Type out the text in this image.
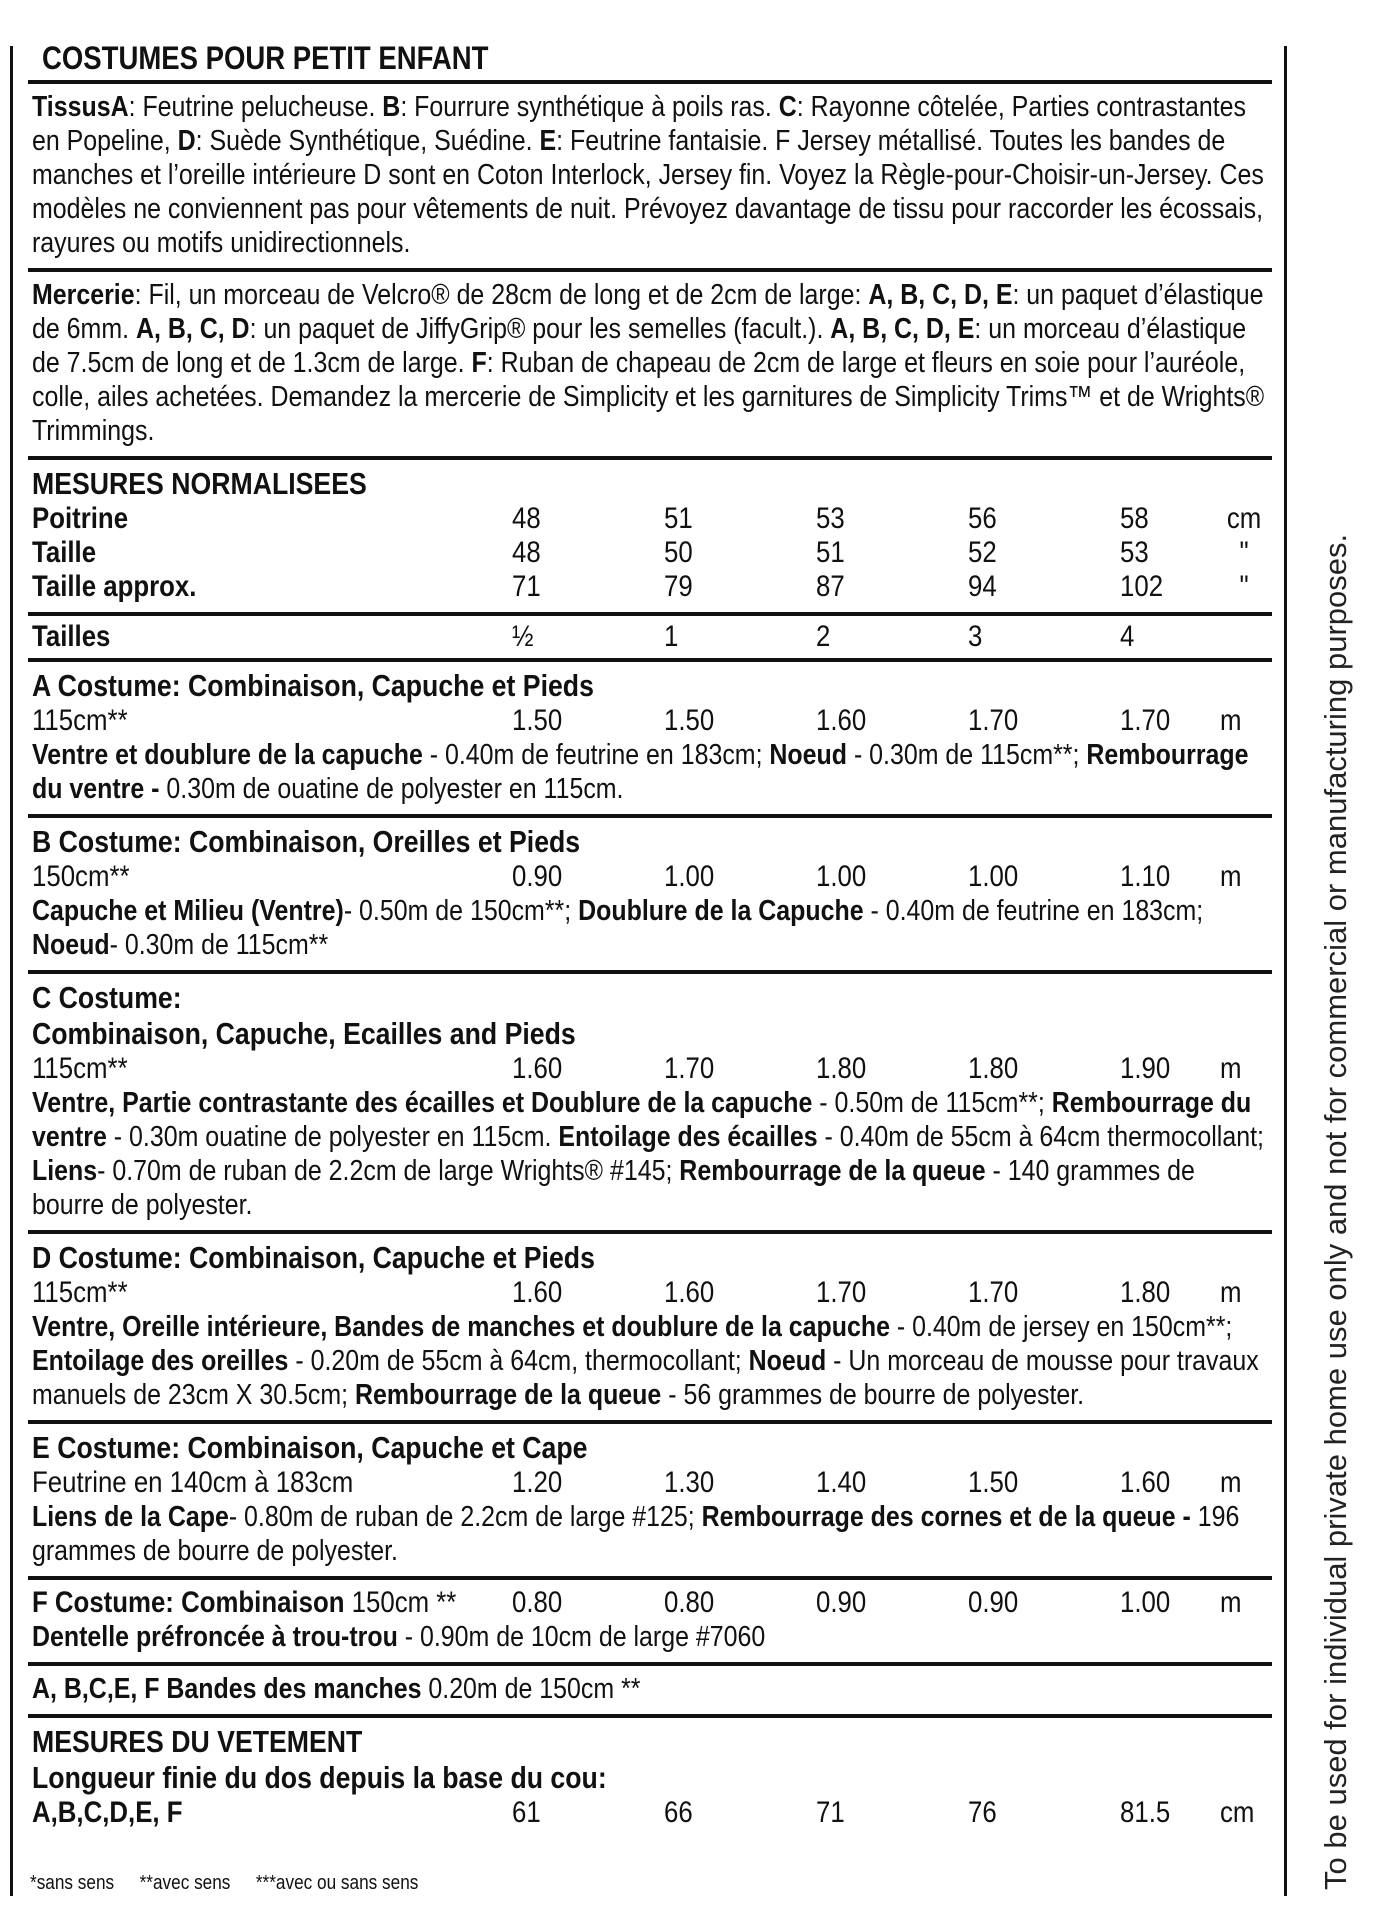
COSTUMES POUR PETIT ENFANT

TissusA: Feutrine pelucheuse. B: Fourrure synthétique à poils ras. C: Rayonne côtelée, Parties contrastantes en Popeline, D: Suède Synthétique, Suédine. E: Feutrine fantaisie. F Jersey métallisé. Toutes les bandes de manches et l’oreille intérieure D sont en Coton Interlock, Jersey fin. Voyez la Règle-pour-Choisir-un-Jersey. Ces modèles ne conviennent pas pour vêtements de nuit. Prévoyez davantage de tissu pour raccorder les écossais, rayures ou motifs unidirectionnels.

Mercerie: Fil, un morceau de Velcro® de 28cm de long et de 2cm de large: A, B, C, D, E: un paquet d’élastique de 6mm. A, B, C, D: un paquet de JiffyGrip® pour les semelles (facult.). A, B, C, D, E: un morceau d’élastique de 7.5cm de long et de 1.3cm de large. F: Ruban de chapeau de 2cm de large et fleurs en soie pour l’auréole, colle, ailes achetées. Demandez la mercerie de Simplicity et les garnitures de Simplicity Trims™ et de Wrights® Trimmings.

MESURES NORMALISEES

Poitrine	48	51	53	56	58	cm
Taille	48	50	51	52	53	"
Taille approx.	71	79	87	94	102	"
Tailles	½	1	2	3	4

A Costume: Combinaison, Capuche et Pieds

115cm**	1.50	1.50	1.60	1.70	1.70	m

Ventre et doublure de la capuche - 0.40m de feutrine en 183cm; Noeud - 0.30m de 115cm**; Rembourrage du ventre - 0.30m de ouatine de polyester en 115cm.

B Costume: Combinaison, Oreilles et Pieds

150cm**	0.90	1.00	1.00	1.00	1.10	m

Capuche et Milieu (Ventre)- 0.50m de 150cm**; Doublure de la Capuche - 0.40m de feutrine en 183cm; Noeud- 0.30m de 115cm**

C Costume:

Combinaison, Capuche, Ecailles and Pieds

115cm**	1.60	1.70	1.80	1.80	1.90	m

Ventre, Partie contrastante des écailles et Doublure de la capuche - 0.50m de 115cm**; Rembourrage du ventre - 0.30m ouatine de polyester en 115cm. Entoilage des écailles - 0.40m de 55cm à 64cm thermocollant; Liens- 0.70m de ruban de 2.2cm de large Wrights® #145; Rembourrage de la queue - 140 grammes de bourre de polyester.

D Costume: Combinaison, Capuche et Pieds

115cm**	1.60	1.60	1.70	1.70	1.80	m

Ventre, Oreille intérieure, Bandes de manches et doublure de la capuche - 0.40m de jersey en 150cm**; Entoilage des oreilles - 0.20m de 55cm à 64cm, thermocollant; Noeud - Un morceau de mousse pour travaux manuels de 23cm X 30.5cm; Rembourrage de la queue - 56 grammes de bourre de polyester.

E Costume: Combinaison, Capuche et Cape

Feutrine en 140cm à 183cm	1.20	1.30	1.40	1.50	1.60	m

Liens de la Cape- 0.80m de ruban de 2.2cm de large #125; Rembourrage des cornes et de la queue - 196 grammes de bourre de polyester.

F Costume: Combinaison 150cm ** 0.80	0.80	0.90	0.90	1.00	m

Dentelle préfroncée à trou-trou - 0.90m de 10cm de large #7060

A, B,C,E, F Bandes des manches 0.20m de 150cm **

MESURES DU VETEMENT

Longueur finie du dos depuis la base du cou:

A,B,C,D,E, F	61	66	71	76	81.5	cm
*sans sens **avec sens ***avec ou sans sens	To be used for individual private home use only and not for commercial or manufacturing purposes.
